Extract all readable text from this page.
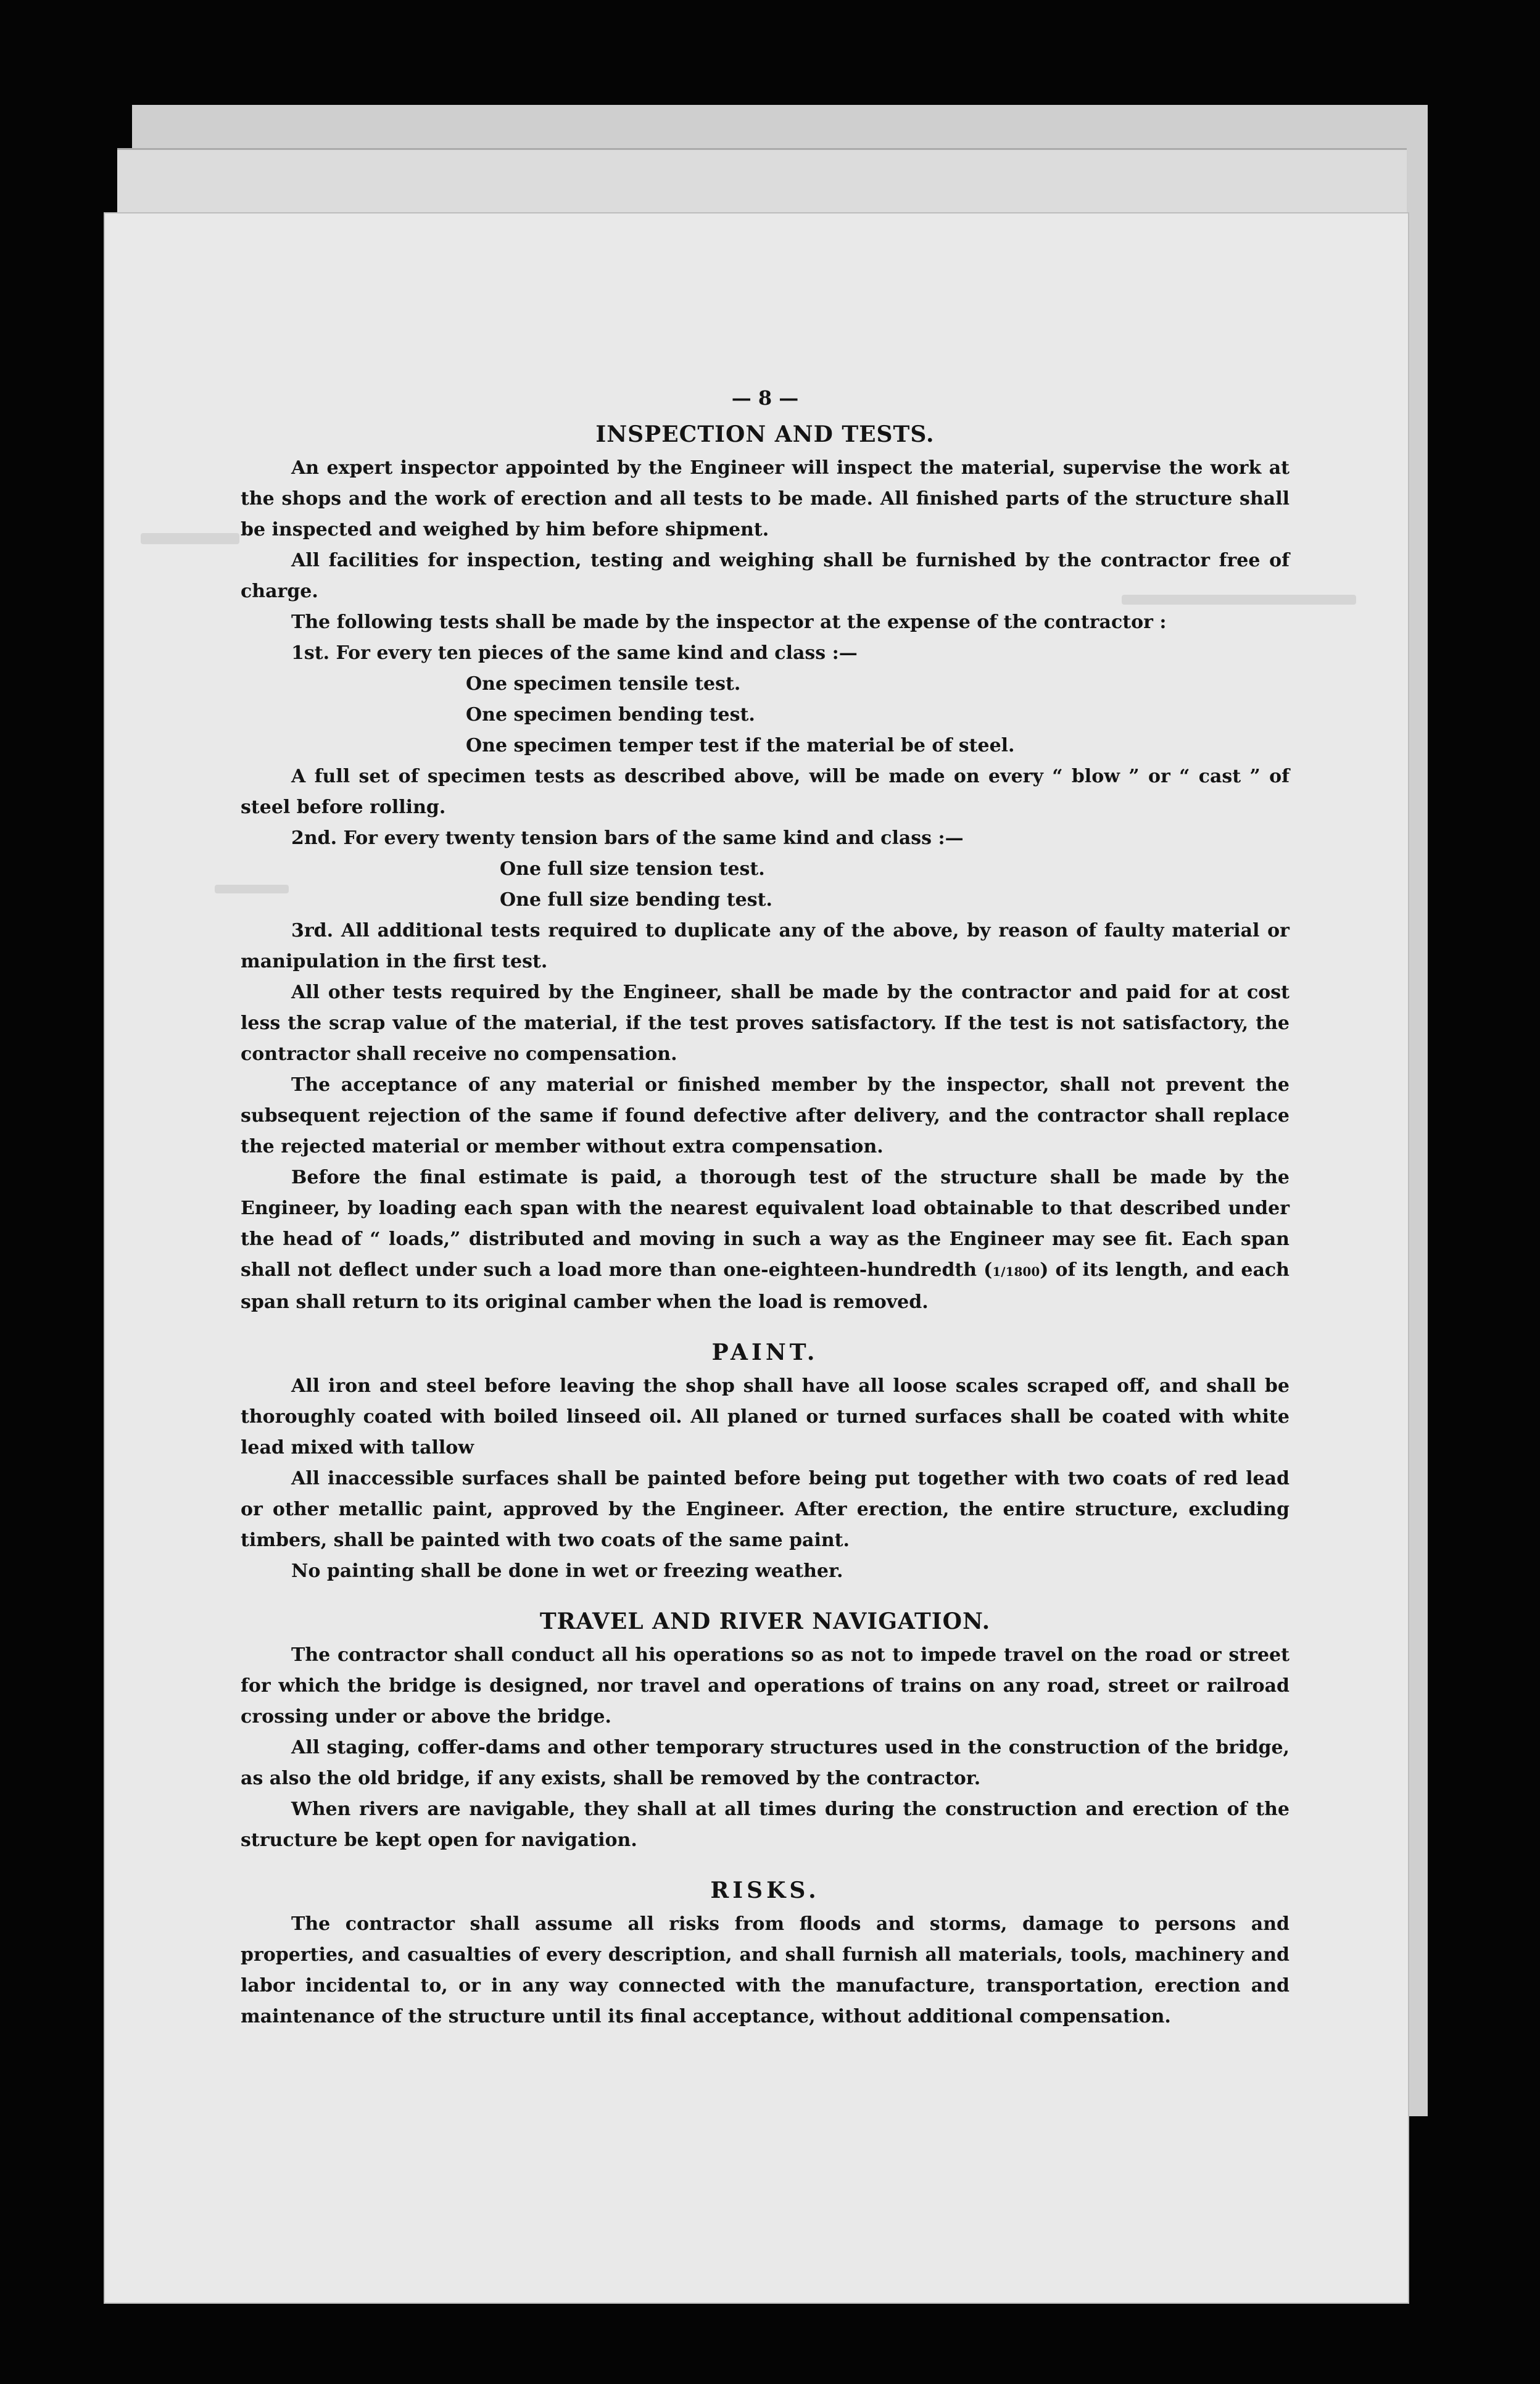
— 8 —
INSPECTION AND TESTS.

An expert inspector appointed by the Engineer will inspect the material, supervise the work at the shops and the work of erection and all tests to be made. All finished parts of the structure shall be inspected and weighed by him before shipment.

All facilities for inspection, testing and weighing shall be furnished by the contractor free of charge.

The following tests shall be made by the inspector at the expense of the contractor :

1st. For every ten pieces of the same kind and class :—
One specimen tensile test.
One specimen bending test.
One specimen temper test if the material be of steel.

A full set of specimen tests as described above, will be made on every “ blow ” or “ cast ” of steel before rolling.

2nd. For every twenty tension bars of the same kind and class :—
One full size tension test.
One full size bending test.

3rd. All additional tests required to duplicate any of the above, by reason of faulty material or manipulation in the first test.

All other tests required by the Engineer, shall be made by the contractor and paid for at cost less the scrap value of the material, if the test proves satisfactory. If the test is not satisfactory, the contractor shall receive no compensation.

The acceptance of any material or finished member by the inspector, shall not prevent the subsequent rejection of the same if found defective after delivery, and the contractor shall replace the rejected material or member without extra compensation.

Before the final estimate is paid, a thorough test of the structure shall be made by the Engineer, by loading each span with the nearest equivalent load obtainable to that described under the head of “ loads,” distributed and moving in such a way as the Engineer may see fit. Each span shall not deflect under such a load more than one-eighteen-hundredth (1/1800) of its length, and each span shall return to its original camber when the load is removed.

PAINT.

All iron and steel before leaving the shop shall have all loose scales scraped off, and shall be thoroughly coated with boiled linseed oil. All planed or turned surfaces shall be coated with white lead mixed with tallow

All inaccessible surfaces shall be painted before being put together with two coats of red lead or other metallic paint, approved by the Engineer. After erection, the entire structure, excluding timbers, shall be painted with two coats of the same paint.

No painting shall be done in wet or freezing weather.

TRAVEL AND RIVER NAVIGATION.

The contractor shall conduct all his operations so as not to impede travel on the road or street for which the bridge is designed, nor travel and operations of trains on any road, street or railroad crossing under or above the bridge.

All staging, coffer-dams and other temporary structures used in the construction of the bridge, as also the old bridge, if any exists, shall be removed by the contractor.

When rivers are navigable, they shall at all times during the construction and erection of the structure be kept open for navigation.

RISKS.

The contractor shall assume all risks from floods and storms, damage to persons and properties, and casualties of every description, and shall furnish all materials, tools, machinery and labor incidental to, or in any way connected with the manufacture, transportation, erection and maintenance of the structure until its final acceptance, without additional compensation.
